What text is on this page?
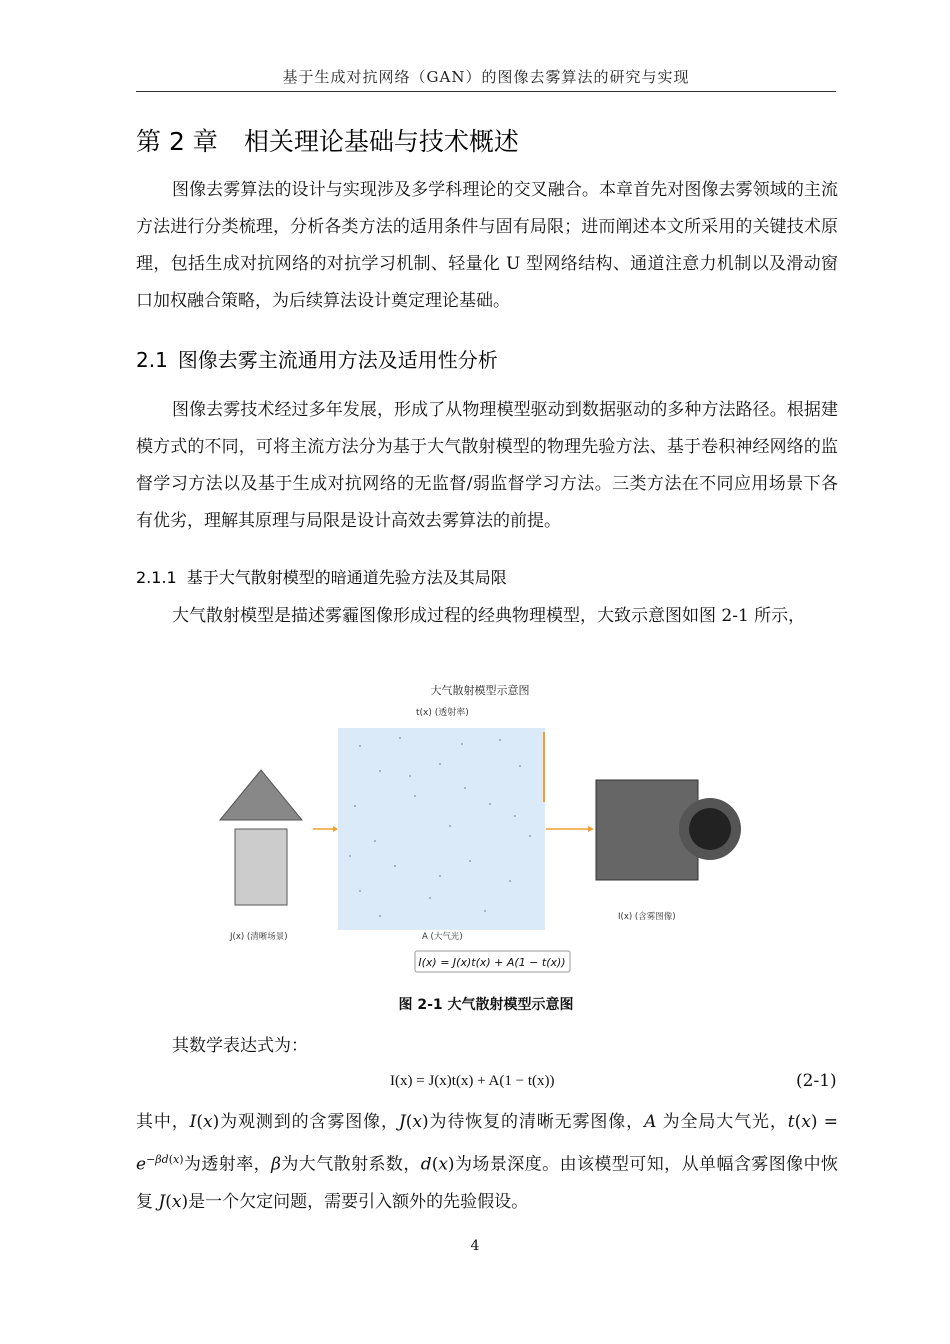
基于生成对抗网络（GAN）的图像去雾算法的研究与实现
第 2 章 相关理论基础与技术概述

图像去雾算法的设计与实现涉及多学科理论的交叉融合。本章首先对图像去雾领域的主流方法进行分类梳理，分析各类方法的适用条件与固有局限；进而阐述本文所采用的关键技术原理，包括生成对抗网络的对抗学习机制、轻量化 U 型网络结构、通道注意力机制以及滑动窗口加权融合策略，为后续算法设计奠定理论基础。

2.1 图像去雾主流通用方法及适用性分析

图像去雾技术经过多年发展，形成了从物理模型驱动到数据驱动的多种方法路径。根据建模方式的不同，可将主流方法分为基于大气散射模型的物理先验方法、基于卷积神经网络的监督学习方法以及基于生成对抗网络的无监督/弱监督学习方法。三类方法在不同应用场景下各有优劣，理解其原理与局限是设计高效去雾算法的前提。

2.1.1 基于大气散射模型的暗通道先验方法及其局限

大气散射模型是描述雾霾图像形成过程的经典物理模型，大致示意图如图 2-1 所示，

大气散射模型示意图
t(x) (透射率)
J(x) (清晰场景)	A (大气光)
I(x) (含雾图像)
I(x) = J(x)t(x) + A(1 − t(x))
图 2-1 大气散射模型示意图

其数学表达式为：

I(x) = J(x)t(x) + A(1 − t(x))	(2-1)

其中，I(x)为观测到的含雾图像，J(x)为待恢复的清晰无雾图像，A 为全局大气光，$t(x) = e^{-\beta d(x)}$为透射率，β为大气散射系数，d(x)为场景深度。由该模型可知，从单幅含雾图像中恢复 J(x)是一个欠定问题，需要引入额外的先验假设。

4
